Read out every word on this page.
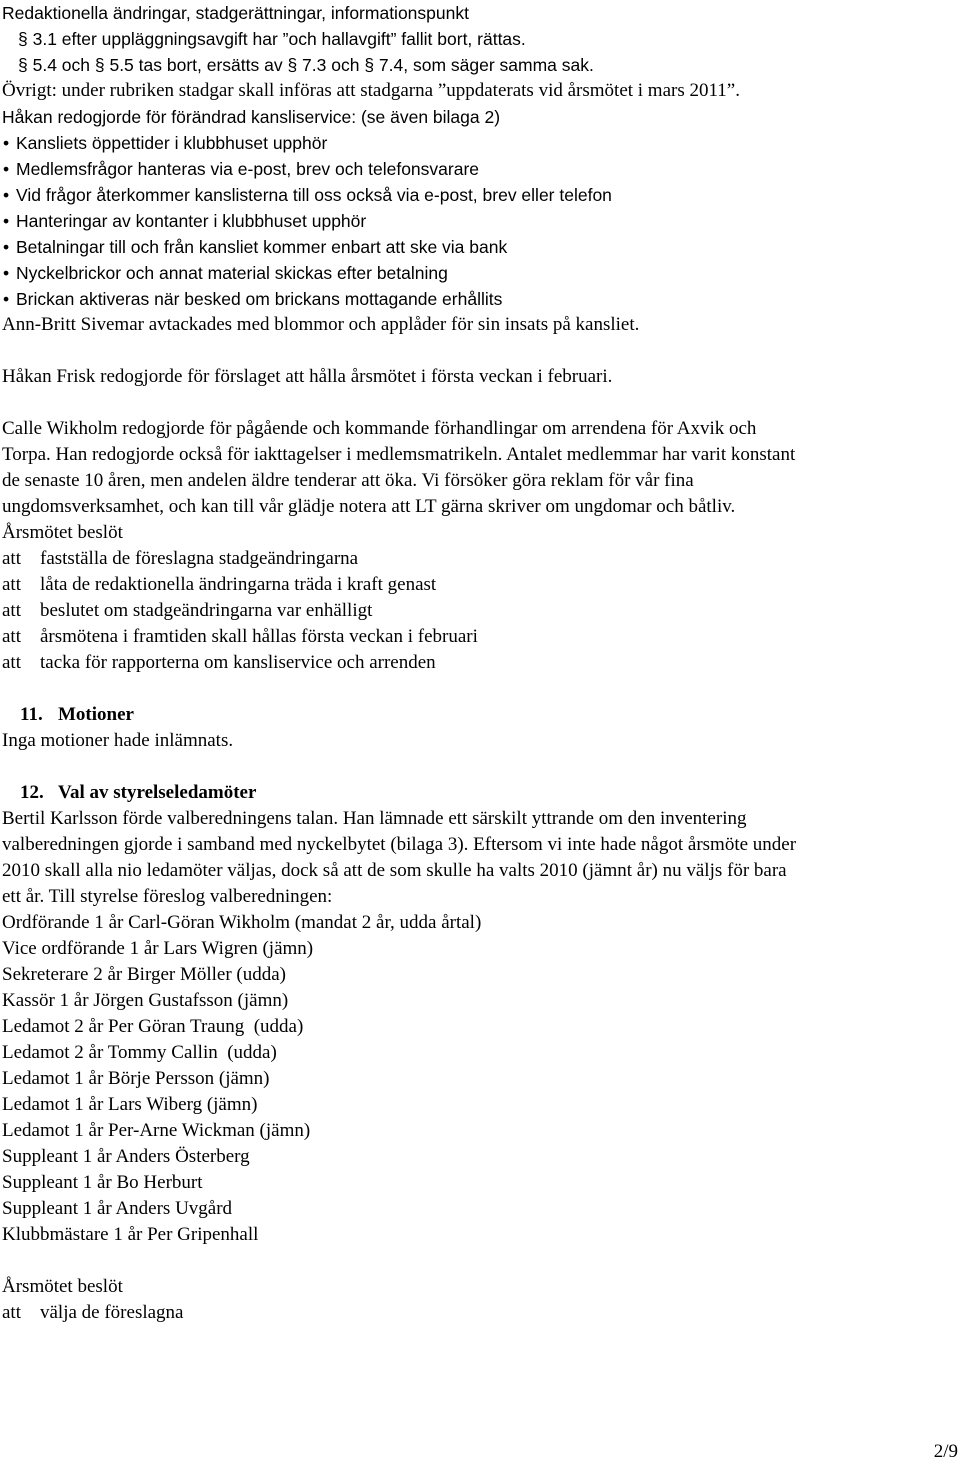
Redaktionella ändringar, stadgerättningar, informationspunkt
§ 3.1 efter uppläggningsavgift har ”och hallavgift” fallit bort, rättas.
§ 5.4 och § 5.5 tas bort, ersätts av § 7.3 och § 7.4, som säger samma sak.
Övrigt: under rubriken stadgar skall införas att stadgarna ”uppdaterats vid årsmötet i mars 2011”.
Håkan redogjorde för förändrad kansliservice: (se även bilaga 2)
• Kansliets öppettider i klubbhuset upphör
• Medlemsfrågor hanteras via e-post, brev och telefonsvarare
• Vid frågor återkommer kanslisterna till oss också via e-post, brev eller telefon
• Hanteringar av kontanter i klubbhuset upphör
• Betalningar till och från kansliet kommer enbart att ske via bank
• Nyckelbrickor och annat material skickas efter betalning
• Brickan aktiveras när besked om brickans mottagande erhållits
Ann-Britt Sivemar avtackades med blommor och applåder för sin insats på kansliet.
Håkan Frisk redogjorde för förslaget att hålla årsmötet i första veckan i februari.
Calle Wikholm redogjorde för pågående och kommande förhandlingar om arrendena för Axvik och
Torpa. Han redogjorde också för iakttagelser i medlemsmatrikeln. Antalet medlemmar har varit konstant
de senaste 10 åren, men andelen äldre tenderar att öka. Vi försöker göra reklam för vår fina
ungdomsverksamhet, och kan till vår glädje notera att LT gärna skriver om ungdomar och båtliv.
Årsmötet beslöt
att fastställa de föreslagna stadgeändringarna
att låta de redaktionella ändringarna träda i kraft genast
att beslutet om stadgeändringarna var enhälligt
att årsmötena i framtiden skall hållas första veckan i februari
att tacka för rapporterna om kansliservice och arrenden
11. Motioner
Inga motioner hade inlämnats.
12. Val av styrelseledamöter
Bertil Karlsson förde valberedningens talan. Han lämnade ett särskilt yttrande om den inventering
valberedningen gjorde i samband med nyckelbytet (bilaga 3). Eftersom vi inte hade något årsmöte under
2010 skall alla nio ledamöter väljas, dock så att de som skulle ha valts 2010 (jämnt år) nu väljs för bara
ett år. Till styrelse föreslog valberedningen:
Ordförande 1 år Carl-Göran Wikholm (mandat 2 år, udda årtal)
Vice ordförande 1 år Lars Wigren (jämn)
Sekreterare 2 år Birger Möller (udda)
Kassör 1 år Jörgen Gustafsson (jämn)
Ledamot 2 år Per Göran Traung  (udda)
Ledamot 2 år Tommy Callin  (udda)
Ledamot 1 år Börje Persson (jämn)
Ledamot 1 år Lars Wiberg (jämn)
Ledamot 1 år Per-Arne Wickman (jämn)
Suppleant 1 år Anders Österberg
Suppleant 1 år Bo Herburt
Suppleant 1 år Anders Uvgård
Klubbmästare 1 år Per Gripenhall
Årsmötet beslöt
att välja de föreslagna
2/9
